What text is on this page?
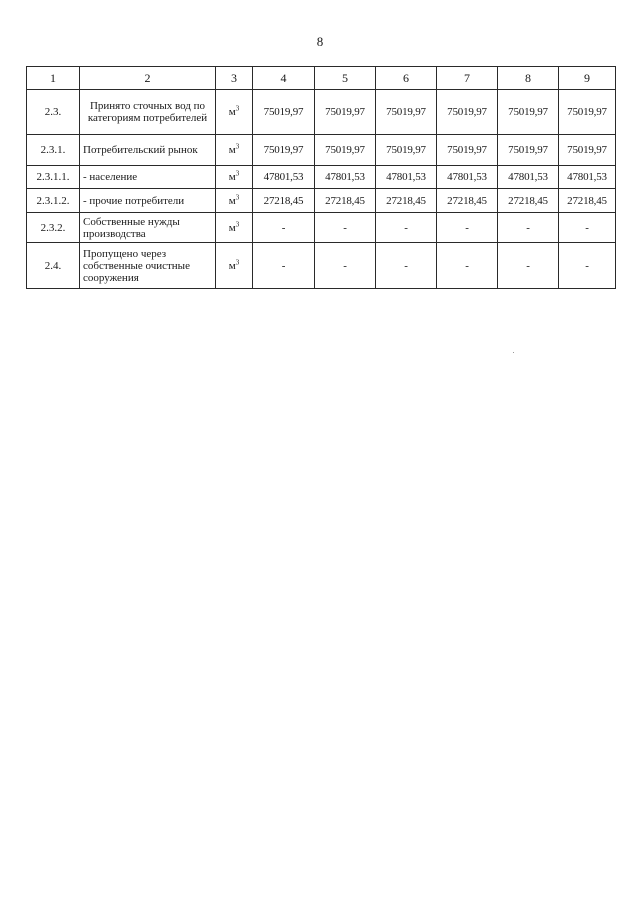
8
1	2	3	4	5	6	7	8	9
2.3.	Принято сточных вод по категориям потребителей	$м^3$	75019,97	75019,97	75019,97	75019,97	75019,97	75019,97
2.3.1.	Потребительский рынок	$м^3$	75019,97	75019,97	75019,97	75019,97	75019,97	75019,97
2.3.1.1.	- население	$м^3$	47801,53	47801,53	47801,53	47801,53	47801,53	47801,53
2.3.1.2.	- прочие потребители	$м^3$	27218,45	27218,45	27218,45	27218,45	27218,45	27218,45
2.3.2.	Собственные нужды производства	$м^3$	-	-	-	-	-	-
2.4.	Пропущено через собственные очистные сооружения	$м^3$	-	-	-	-	-	-
